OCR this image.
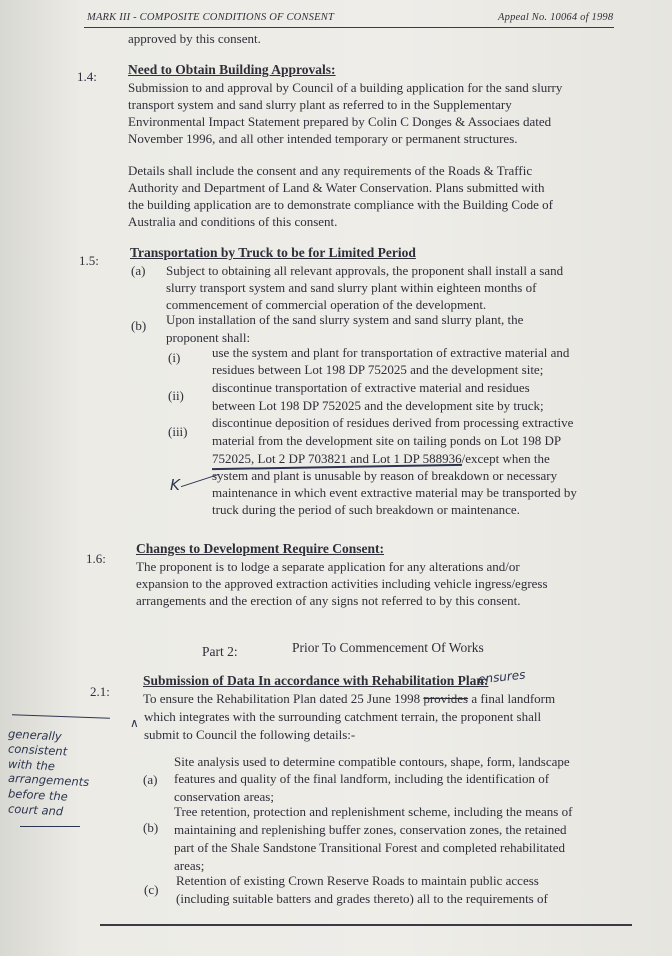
MARK III - COMPOSITE CONDITIONS OF CONSENT	Appeal No. 10064 of 1998
approved by this consent.
1.4: Need to Obtain Building Approvals:
Submission to and approval by Council of a building application for the sand slurry
transport system and sand slurry plant as referred to in the Supplementary
Environmental Impact Statement prepared by Colin C Donges & Associaes dated
November 1996, and all other intended temporary or permanent structures.
Details shall include the consent and any requirements of the Roads & Traffic
Authority and Department of Land & Water Conservation. Plans submitted with
the building application are to demonstrate compliance with the Building Code of
Australia and conditions of this consent.
1.5:
Transportation by Truck to be for Limited Period
(a) Subject to obtaining all relevant approvals, the proponent shall install a sand
slurry transport system and sand slurry plant within eighteen months of
commencement of commercial operation of the development.
(b) Upon installation of the sand slurry system and sand slurry plant, the
proponent shall:
(i) use the system and plant for transportation of extractive material and
residues between Lot 198 DP 752025 and the development site;
(ii)
discontinue transportation of extractive material and residues
between Lot 198 DP 752025 and the development site by truck;
(iii)
discontinue deposition of residues derived from processing extractive
material from the development site on tailing ponds on Lot 198 DP
752025, Lot 2 DP 703821 and Lot 1 DP 588936/except when the
system and plant is unusable by reason of breakdown or necessary
maintenance in which event extractive material may be transported by
truck during the period of such breakdown or maintenance.
K
1.6:
Changes to Development Require Consent:
The proponent is to lodge a separate application for any alterations and/or
expansion to the approved extraction activities including vehicle ingress/egress
arrangements and the erection of any signs not referred to by this consent.
Part 2:	Prior To Commencement Of Works
2.1:
Submission of Data In accordance with Rehabilitation Plan:
ensures
To ensure the Rehabilitation Plan dated 25 June 1998 provides a final landform
which integrates with the surrounding catchment terrain, the proponent shall
submit to Council the following details:-
∧
generally
consistent
with the
arrangements
before the
court and
(a)
Site analysis used to determine compatible contours, shape, form, landscape
features and quality of the final landform, including the identification of
conservation areas;
(b)
Tree retention, protection and replenishment scheme, including the means of
maintaining and replenishing buffer zones, conservation zones, the retained
part of the Shale Sandstone Transitional Forest and completed rehabilitated
areas;
(c)
Retention of existing Crown Reserve Roads to maintain public access
(including suitable batters and grades thereto) all to the requirements of
